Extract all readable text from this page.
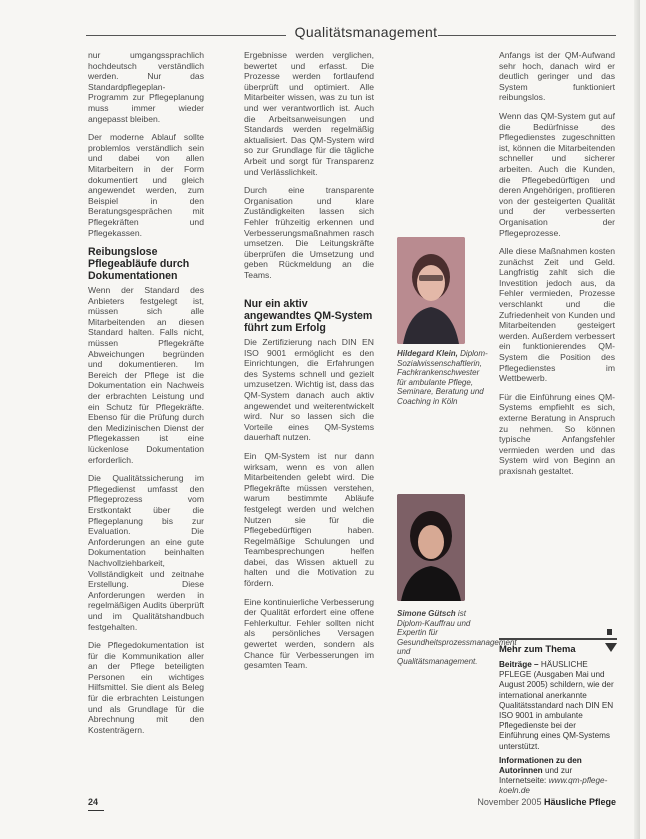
Qualitätsmanagement

nur umgangssprachlich hochdeutsch verständlich werden. Nur das Standardpflegeplan-Programm zur Pflegeplanung muss immer wieder angepasst bleiben.

Der moderne Ablauf sollte problemlos verständlich sein und dabei von allen Mitarbeitern in der Form dokumentiert und gleich angewendet werden, zum Beispiel in den Beratungsgesprächen mit Pflegekräften und Pflegekassen.

Reibungslose Pflegeabläufe durch Dokumentationen

Wenn der Standard des Anbieters festgelegt ist, müssen sich alle Mitarbeitenden an diesen Standard halten. Falls nicht, müssen Pflegekräfte Abweichungen begründen und dokumentieren. Im Bereich der Pflege ist die Dokumentation ein Nachweis der erbrachten Leistung und ein Schutz für Pflegekräfte. Ebenso für die Prüfung durch den Medizinischen Dienst der Pflegekassen ist eine lückenlose Dokumentation erforderlich.

Die Qualitätssicherung im Pflegedienst umfasst den Pflegeprozess vom Erstkontakt über die Pflegeplanung bis zur Evaluation. Die Anforderungen an eine gute Dokumentation beinhalten Nachvollziehbarkeit, Vollständigkeit und zeitnahe Erstellung. Diese Anforderungen werden in regelmäßigen Audits überprüft und im Qualitätshandbuch festgehalten.

Die Pflegedokumentation ist für die Kommunikation aller an der Pflege beteiligten Personen ein wichtiges Hilfsmittel. Sie dient als Beleg für die erbrachten Leistungen und als Grundlage für die Abrechnung mit den Kostenträgern.

Ergebnisse werden verglichen, bewertet und erfasst. Die Prozesse werden fortlaufend überprüft und optimiert. Alle Mitarbeiter wissen, was zu tun ist und wer verantwortlich ist. Auch die Arbeitsanweisungen und Standards werden regelmäßig aktualisiert. Das QM-System wird so zur Grundlage für die tägliche Arbeit und sorgt für Transparenz und Verlässlichkeit.

Durch eine transparente Organisation und klare Zuständigkeiten lassen sich Fehler frühzeitig erkennen und Verbesserungsmaßnahmen rasch umsetzen. Die Leitungskräfte überprüfen die Umsetzung und geben Rückmeldung an die Teams.

Nur ein aktiv angewandtes QM-System führt zum Erfolg

Die Zertifizierung nach DIN EN ISO 9001 ermöglicht es den Einrichtungen, die Erfahrungen des Systems schnell und gezielt umzusetzen. Wichtig ist, dass das QM-System danach auch aktiv angewendet und weiterentwickelt wird. Nur so lassen sich die Vorteile eines QM-Systems dauerhaft nutzen.

Ein QM-System ist nur dann wirksam, wenn es von allen Mitarbeitenden gelebt wird. Die Pflegekräfte müssen verstehen, warum bestimmte Abläufe festgelegt werden und welchen Nutzen sie für die Pflegebedürftigen haben. Regelmäßige Schulungen und Teambesprechungen helfen dabei, das Wissen aktuell zu halten und die Motivation zu fördern.

Eine kontinuierliche Verbesserung der Qualität erfordert eine offene Fehlerkultur. Fehler sollten nicht als persönliches Versagen gewertet werden, sondern als Chance für Verbesserungen im gesamten Team.

Hildegard Klein, Diplom-Sozialwissenschaftlerin, Fachkrankenschwester für ambulante Pflege, Seminare, Beratung und Coaching in Köln
Simone Gütsch ist Diplom-Kauffrau und Expertin für Gesundheitsprozessmanagement und Qualitätsmanagement.

Anfangs ist der QM-Aufwand sehr hoch, danach wird er deutlich geringer und das System funktioniert reibungslos.

Wenn das QM-System gut auf die Bedürfnisse des Pflegedienstes zugeschnitten ist, können die Mitarbeitenden schneller und sicherer arbeiten. Auch die Kunden, die Pflegebedürftigen und deren Angehörigen, profitieren von der gesteigerten Qualität und der verbesserten Organisation der Pflegeprozesse.

Alle diese Maßnahmen kosten zunächst Zeit und Geld. Langfristig zahlt sich die Investition jedoch aus, da Fehler vermieden, Prozesse verschlankt und die Zufriedenheit von Kunden und Mitarbeitenden gesteigert werden. Außerdem verbessert ein funktionierendes QM-System die Position des Pflegedienstes im Wettbewerb.

Für die Einführung eines QM-Systems empfiehlt es sich, externe Beratung in Anspruch zu nehmen. So können typische Anfangsfehler vermieden werden und das System wird von Beginn an praxisnah gestaltet.

Mehr zum Thema

Beiträge – HÄUSLICHE PFLEGE (Ausgaben Mai und August 2005) schildern, wie der international anerkannte Qualitätsstandard nach DIN EN ISO 9001 in ambulante Pflegedienste bei der Einführung eines QM-Systems unterstützt.

Informationen zu den Autorinnen und zur Internetseite: www.qm-pflege-koeln.de

24	November 2005 Häusliche Pflege
